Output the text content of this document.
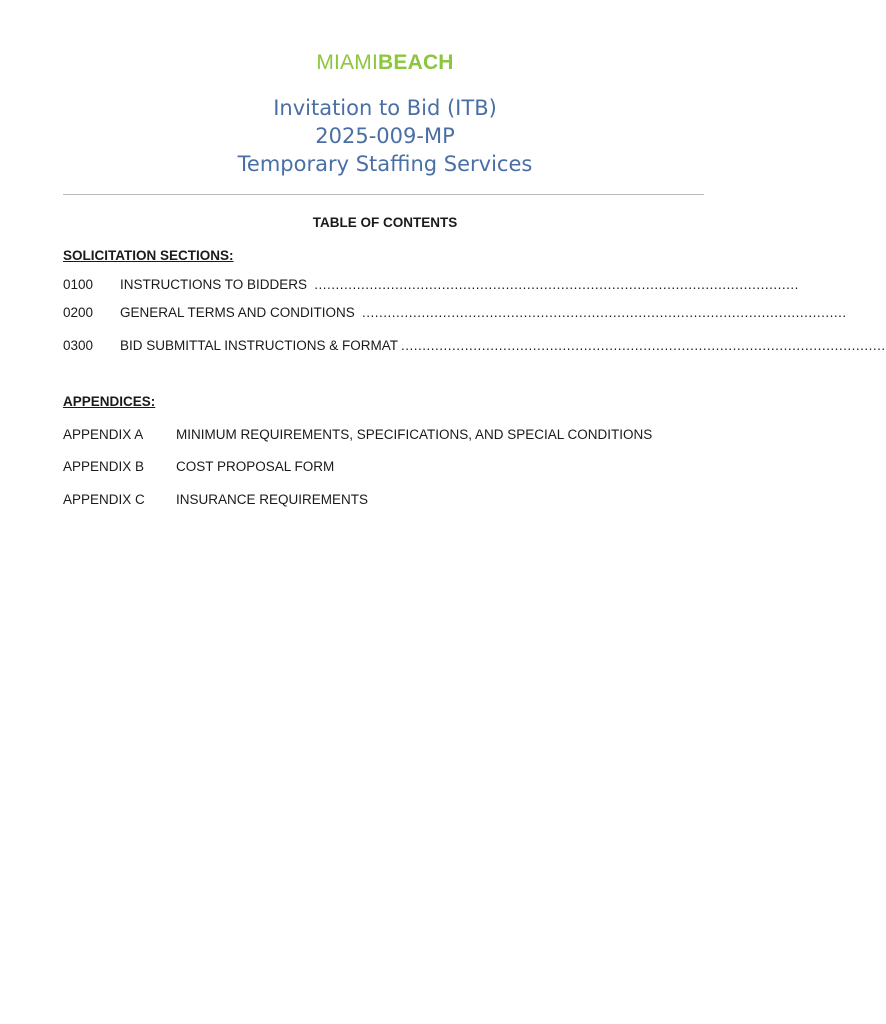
MIAMIBEACH
Invitation to Bid (ITB)
2025-009-MP
Temporary Staffing Services
TABLE OF CONTENTS
SOLICITATION SECTIONS:
0100 INSTRUCTIONS TO BIDDERS ..................................................................................................................
0200 GENERAL TERMS AND CONDITIONS ..................................................................................................................
0300 BID SUBMITTAL INSTRUCTIONS & FORMAT ..................................................................................................................
APPENDICES:
APPENDIX A MINIMUM REQUIREMENTS, SPECIFICATIONS, AND SPECIAL CONDITIONS
APPENDIX B COST PROPOSAL FORM
APPENDIX C INSURANCE REQUIREMENTS
